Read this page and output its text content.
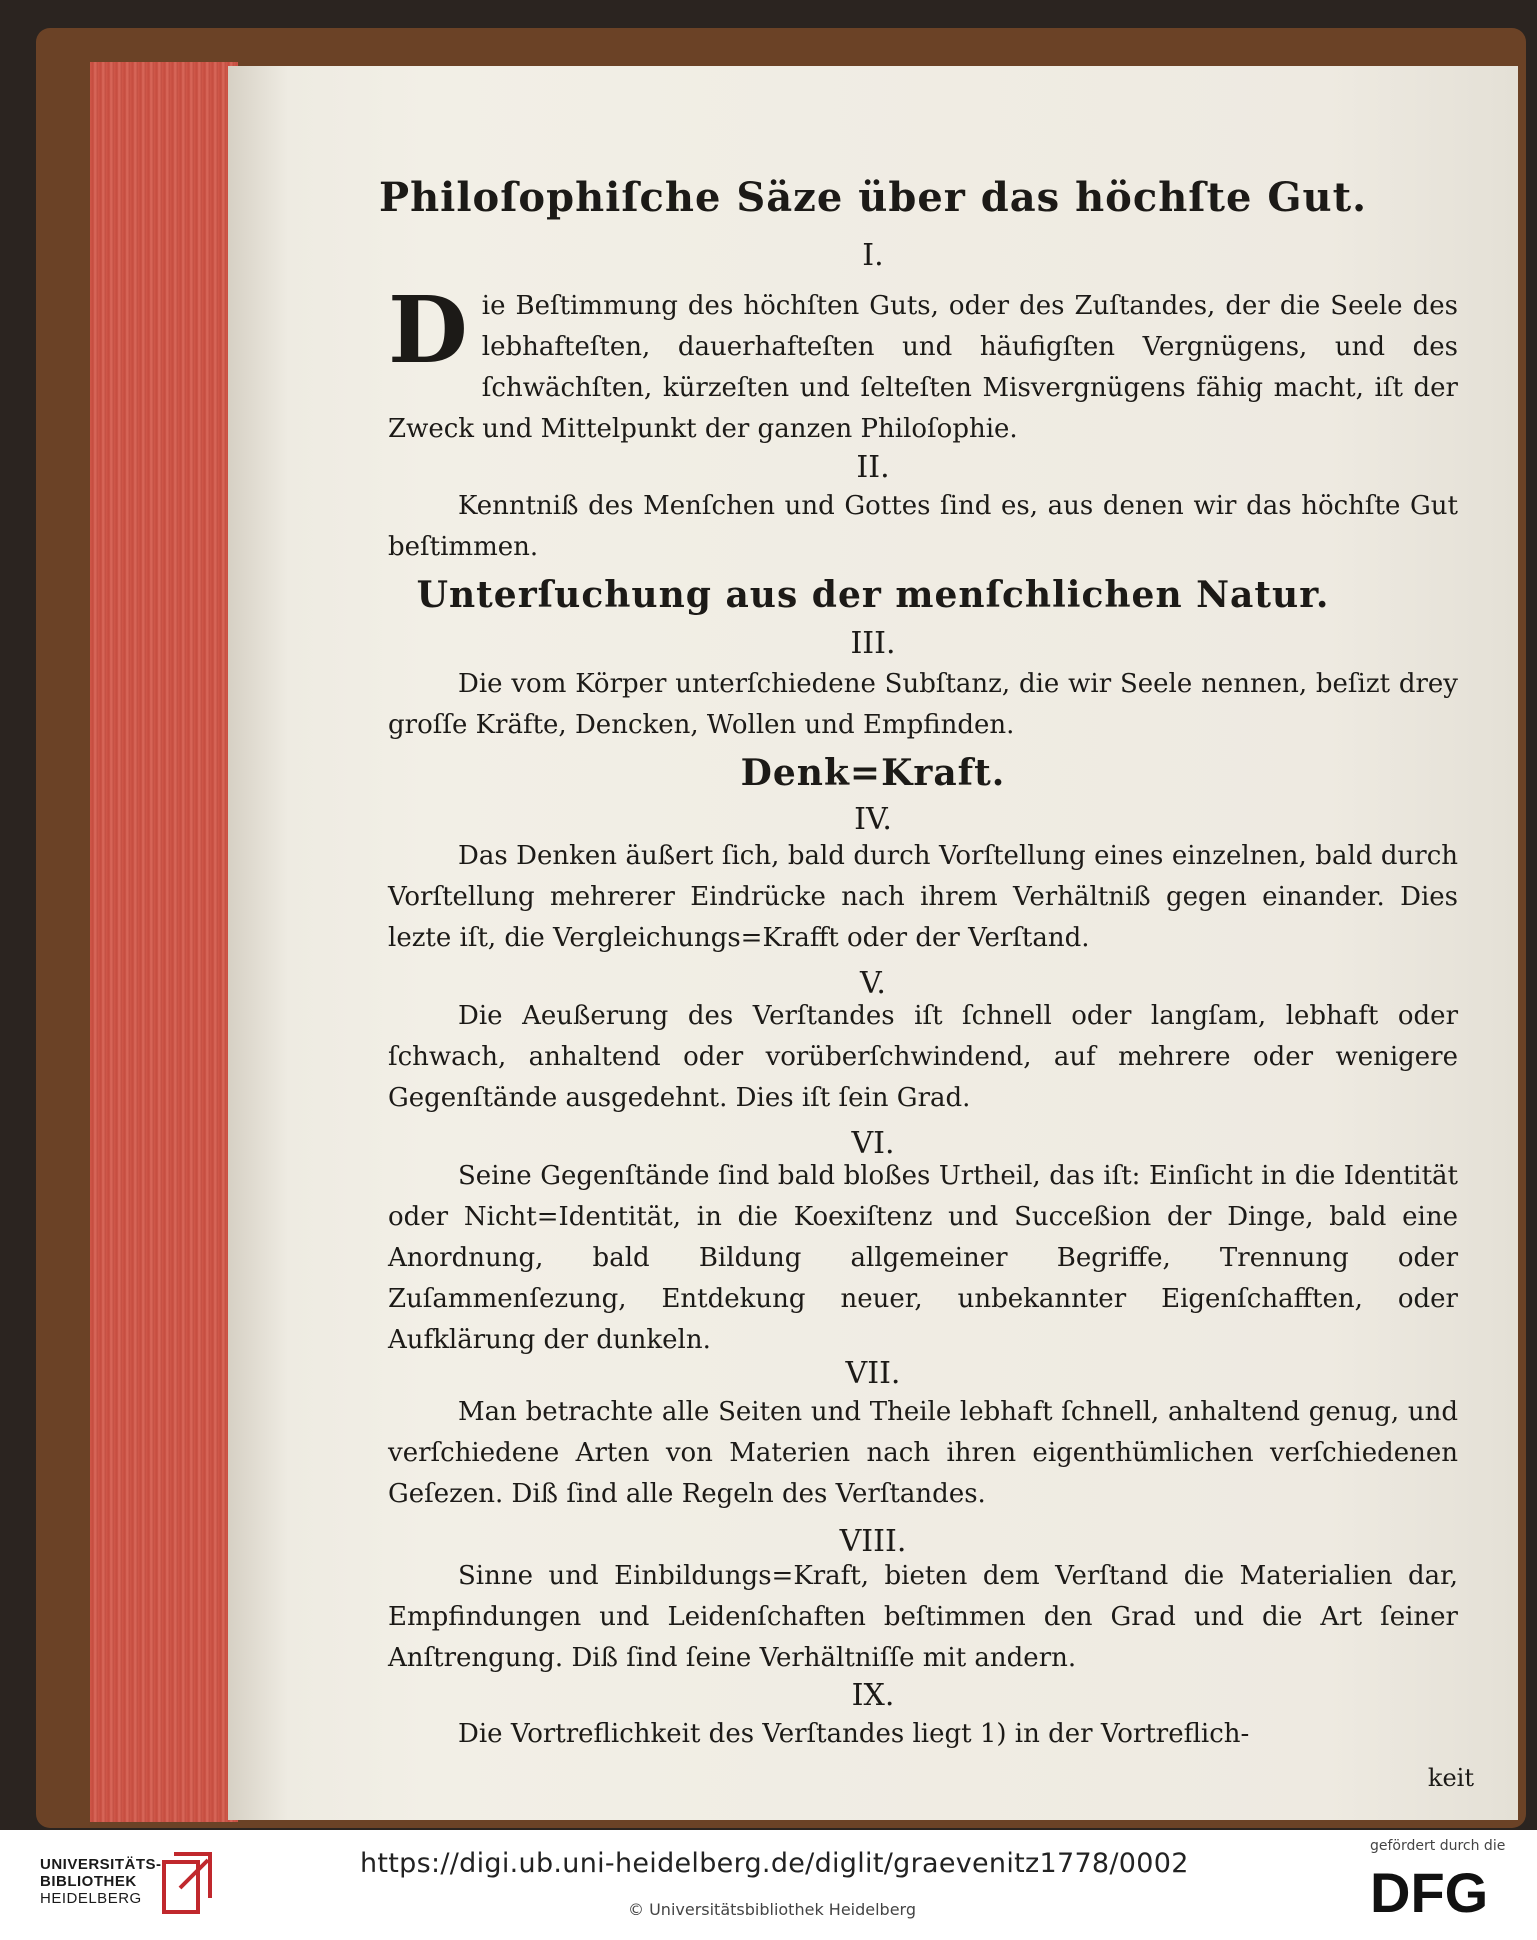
Philoſophiſche Säze über das höchſte Gut.
I.

Die Beſtimmung des höchſten Guts, oder des Zuſtandes, der die Seele des lebhafteſten, dauerhafteſten und häufigſten Vergnügens, und des ſchwächſten, kürzeſten und ſelteſten Misvergnügens fähig macht, iſt der Zweck und Mittelpunkt der ganzen Philoſophie.

II.

Kenntniß des Menſchen und Gottes ſind es, aus denen wir das höchſte Gut beſtimmen.

Unterſuchung aus der menſchlichen Natur.
III.

Die vom Körper unterſchiedene Subſtanz, die wir Seele nennen, beſizt drey groſſe Kräfte, Dencken, Wollen und Empfinden.

Denk=Kraft.
IV.

Das Denken äußert ſich, bald durch Vorſtellung eines einzelnen, bald durch Vorſtellung mehrerer Eindrücke nach ihrem Verhältniß gegen einander. Dies lezte iſt, die Vergleichungs=Krafft oder der Verſtand.

V.

Die Aeußerung des Verſtandes iſt ſchnell oder langſam, lebhaft oder ſchwach, anhaltend oder vorüberſchwindend, auf mehrere oder wenigere Gegenſtände ausgedehnt. Dies iſt ſein Grad.

VI.

Seine Gegenſtände ſind bald bloßes Urtheil, das iſt: Einſicht in die Identität oder Nicht=Identität, in die Koexiſtenz und Succeßion der Dinge, bald eine Anordnung, bald Bildung allgemeiner Begriffe, Trennung oder Zuſammenſezung, Entdekung neuer, unbekannter Eigenſchafften, oder Aufklärung der dunkeln.

VII.

Man betrachte alle Seiten und Theile lebhaft ſchnell, anhaltend genug, und verſchiedene Arten von Materien nach ihren eigenthümlichen verſchiedenen Geſezen. Diß ſind alle Regeln des Verſtandes.

VIII.

Sinne und Einbildungs=Kraft, bieten dem Verſtand die Materialien dar, Empfindungen und Leidenſchaften beſtimmen den Grad und die Art ſeiner Anſtrengung. Diß ſind ſeine Verhältniſſe mit andern.

IX.

Die Vortreflichkeit des Verſtandes liegt 1) in der Vortreflich-

keit
UNIVERSITÄTS-
BIBLIOTHEK
HEIDELBERG
https://digi.ub.uni-heidelberg.de/diglit/graevenitz1778/0002
© Universitätsbibliothek Heidelberg
gefördert durch die
DFG
